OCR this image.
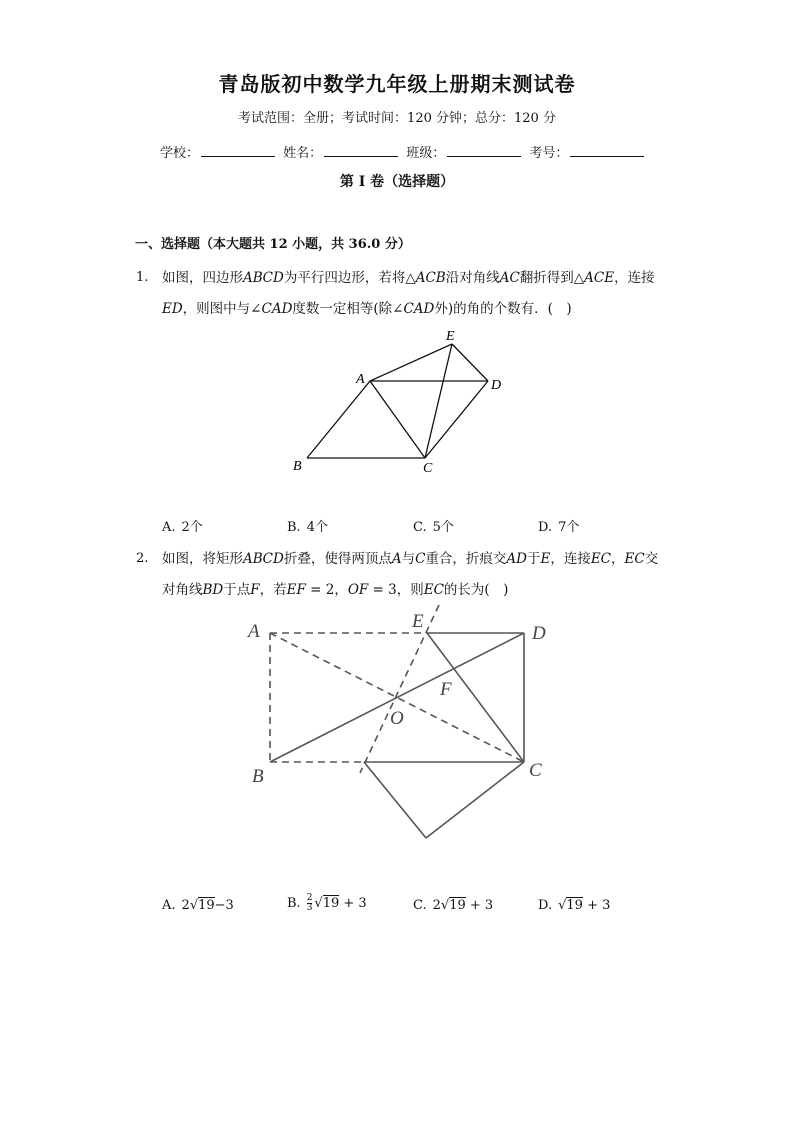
青岛版初中数学九年级上册期末测试卷
考试范围：全册；考试时间：120 分钟；总分：120 分
学校：	姓名：	班级：	考号：
第 I 卷（选择题）
一、选择题（本大题共 12 小题，共 36.0 分）
1. 如图，四边形𝐴𝐵𝐶𝐷为平行四边形，若将△𝐴𝐶𝐵沿对角线𝐴𝐶翻折得到△𝐴𝐶𝐸，连接
𝐸𝐷，则图中与∠𝐶𝐴𝐷度数一定相等(除∠𝐶𝐴𝐷外)的角的个数有．(　)
E
A	D
B	C
A. 2个	B. 4个	C. 5个	D. 7个
2. 如图，将矩形𝐴𝐵𝐶𝐷折叠，使得两顶点𝐴与𝐶重合，折痕交𝐴𝐷于𝐸，连接𝐸𝐶，𝐸𝐶交
对角线𝐵𝐷于点𝐹，若𝐸𝐹 = 2，𝑂𝐹 = 3，则𝐸𝐶的长为(　)
A	E
D
F
O
B	C
A. 2√19−3	B. $\frac{2}{3} √19 + 3$	C. 2√19 + 3	D. √19 + 3
